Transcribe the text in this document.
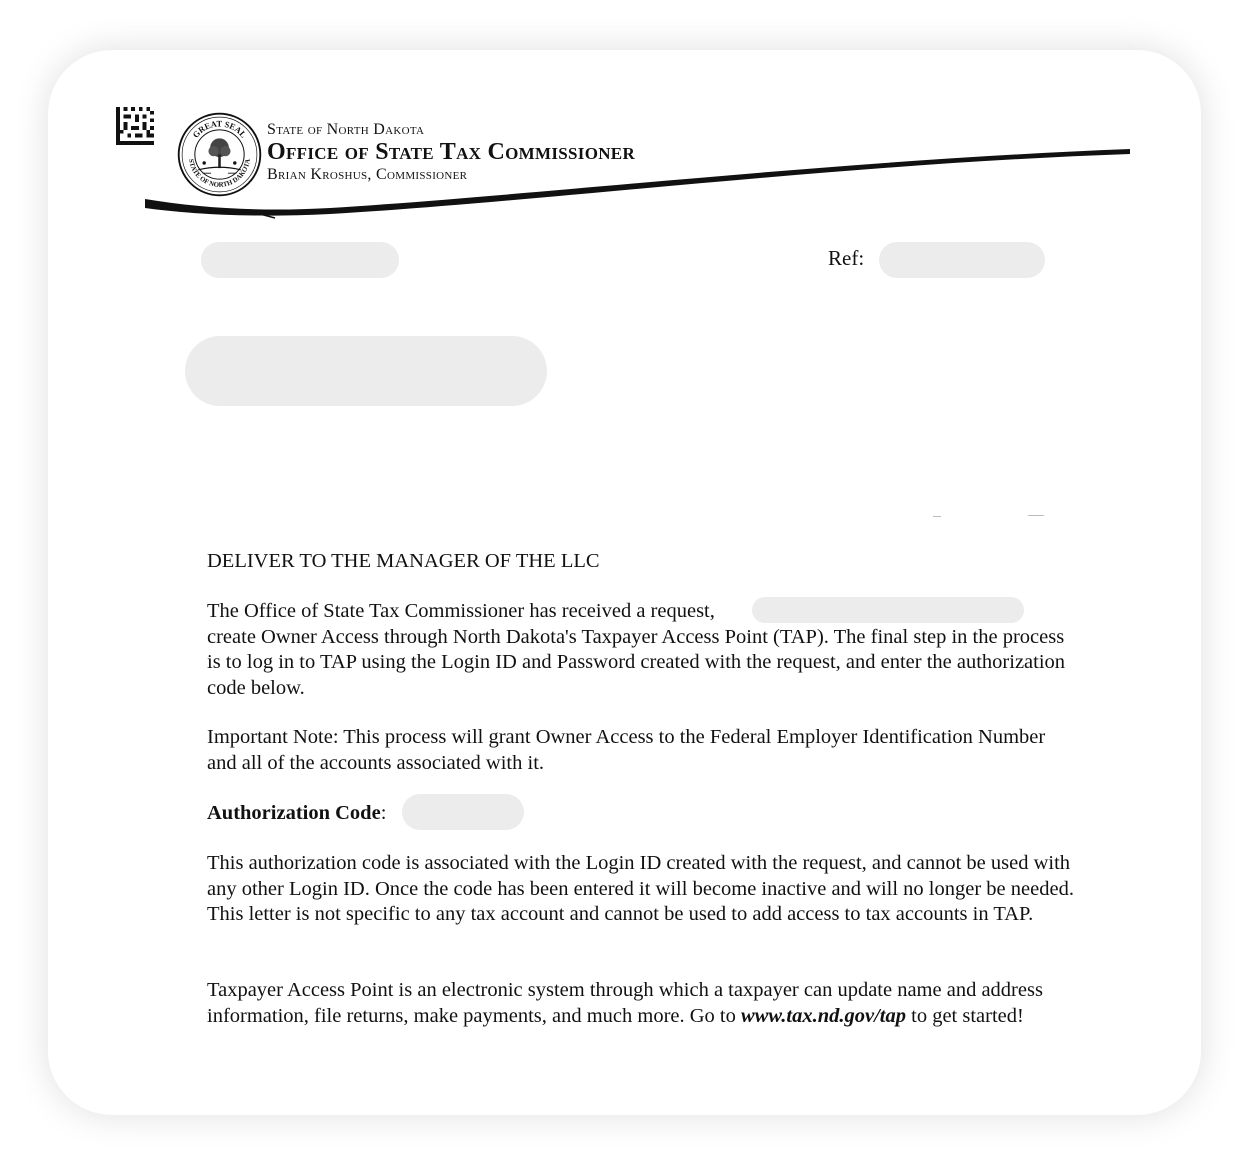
GREAT SEAL
STATE OF NORTH DAKOTA
State of North Dakota
Office of State Tax Commissioner
Brian Kroshus, Commissioner
Ref:
DELIVER TO THE MANAGER OF THE LLC
The Office of State Tax Commissioner has received a request,
create Owner Access through North Dakota's Taxpayer Access Point (TAP). The final step in the process is to log in to TAP using the Login ID and Password created with the request, and enter the authorization code below.
Important Note: This process will grant Owner Access to the Federal Employer Identification Number and all of the accounts associated with it.
Authorization Code:
This authorization code is associated with the Login ID created with the request, and cannot be used with any other Login ID. Once the code has been entered it will become inactive and will no longer be needed. This letter is not specific to any tax account and cannot be used to add access to tax accounts in TAP.
Taxpayer Access Point is an electronic system through which a taxpayer can update name and address information, file returns, make payments, and much more. Go to www.tax.nd.gov/tap to get started!
